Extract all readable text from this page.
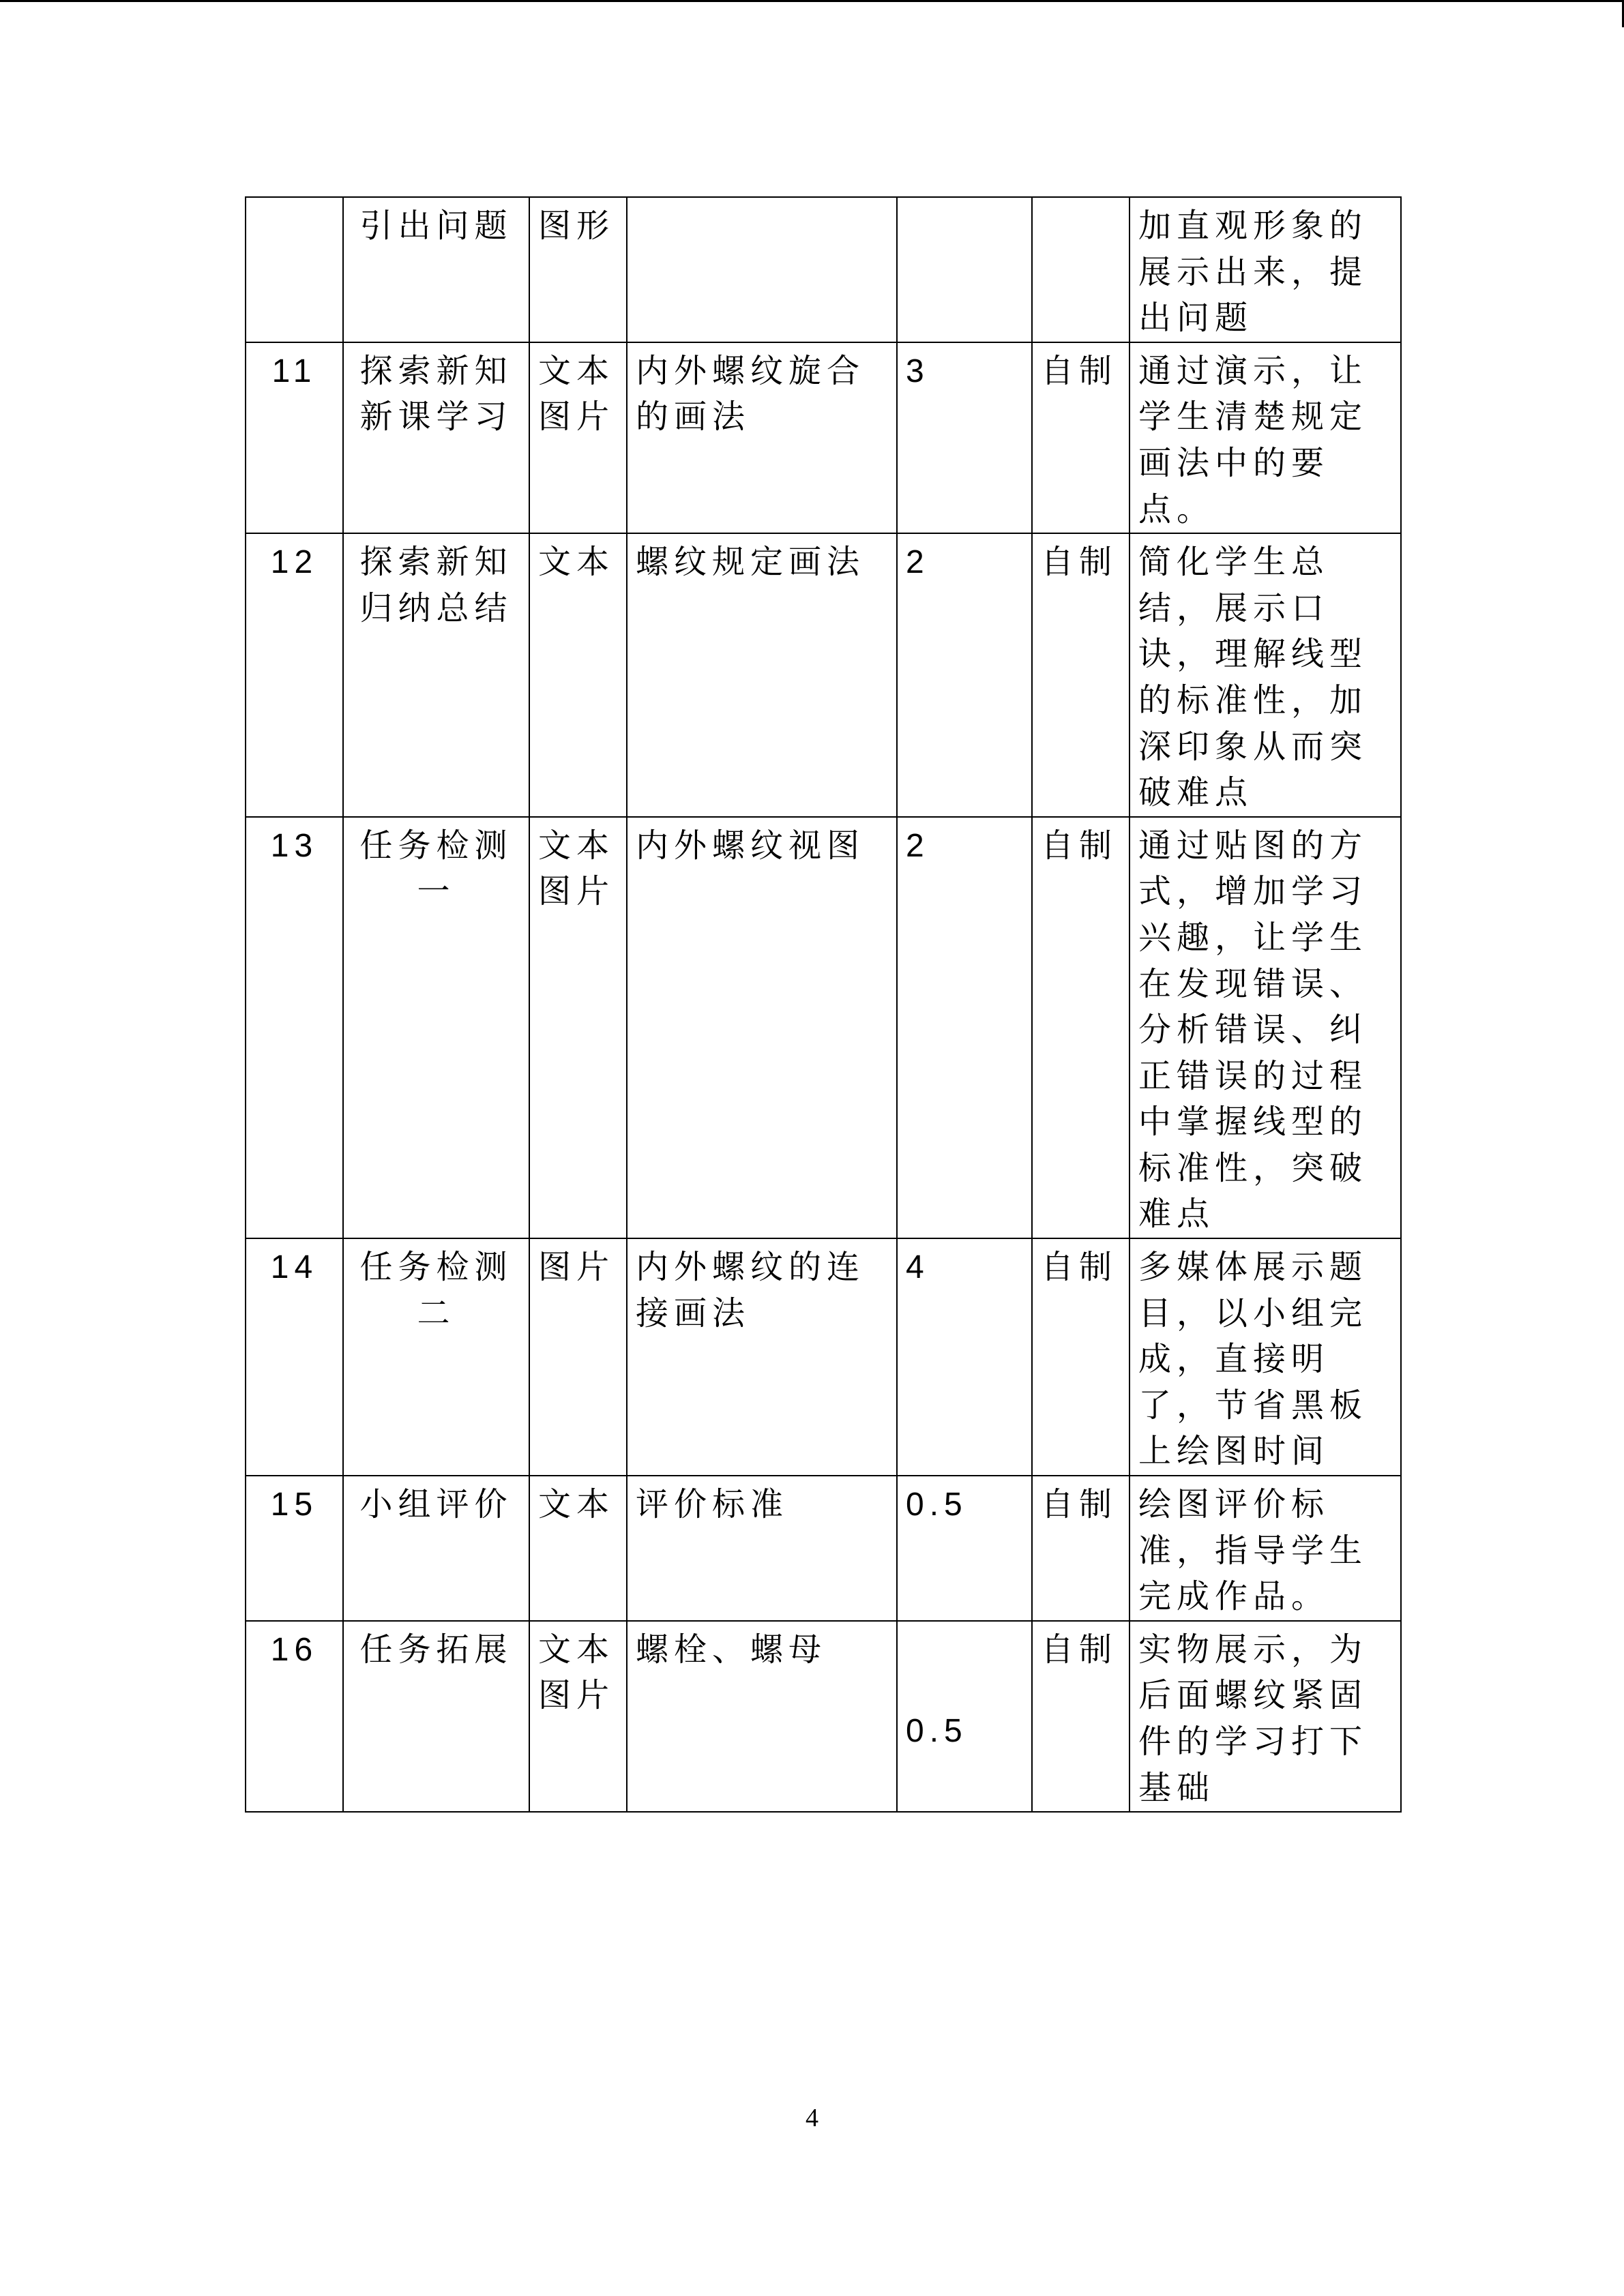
	引出问题	图形				加直观形象的展示出来，提出问题
11	探索新知新课学习	文本图片	内外螺纹旋合的画法	3	自制	通过演示，让学生清楚规定画法中的要点。
12	探索新知归纳总结	文本	螺纹规定画法	2	自制	简化学生总结，展示口诀，理解线型的标准性，加深印象从而突破难点
13	任务检测一	文本图片	内外螺纹视图	2	自制	通过贴图的方式，增加学习兴趣，让学生在发现错误、分析错误、纠正错误的过程中掌握线型的标准性，突破难点
14	任务检测二	图片	内外螺纹的连接画法	4	自制	多媒体展示题目，以小组完成，直接明了，节省黑板上绘图时间
15	小组评价	文本	评价标准	0.5	自制	绘图评价标准，指导学生完成作品。
16	任务拓展	文本图片	螺栓、螺母	0.5	自制	实物展示，为后面螺纹紧固件的学习打下基础
4
